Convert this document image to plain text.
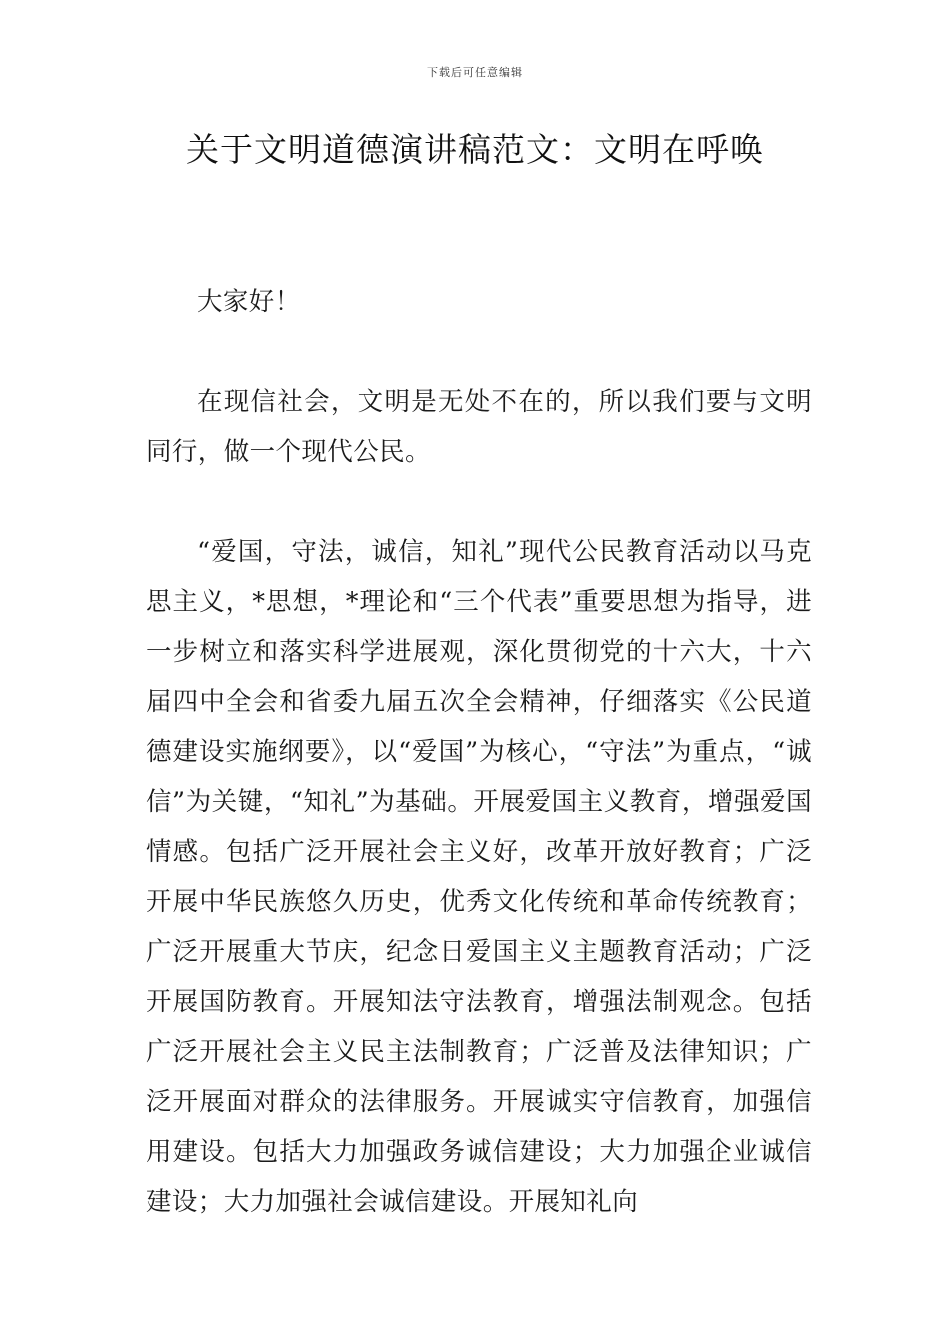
下载后可任意编辑
关于文明道德演讲稿范文：文明在呼唤

大家好！

在现信社会，文明是无处不在的，所以我们要与文明同行，做一个现代公民。

“爱国，守法，诚信，知礼”现代公民教育活动以马克思主义，*思想，*理论和“三个代表”重要思想为指导，进一步树立和落实科学进展观，深化贯彻党的十六大，十六届四中全会和省委九届五次全会精神，仔细落实《公民道德建设实施纲要》，以“爱国”为核心，“守法”为重点，“诚信”为关键，“知礼”为基础。开展爱国主义教育，增强爱国情感。包括广泛开展社会主义好，改革开放好教育；广泛开展中华民族悠久历史，优秀文化传统和革命传统教育；广泛开展重大节庆，纪念日爱国主义主题教育活动；广泛开展国防教育。开展知法守法教育，增强法制观念。包括广泛开展社会主义民主法制教育；广泛普及法律知识；广泛开展面对群众的法律服务。开展诚实守信教育，加强信用建设。包括大力加强政务诚信建设；大力加强企业诚信建设；大力加强社会诚信建设。开展知礼向
